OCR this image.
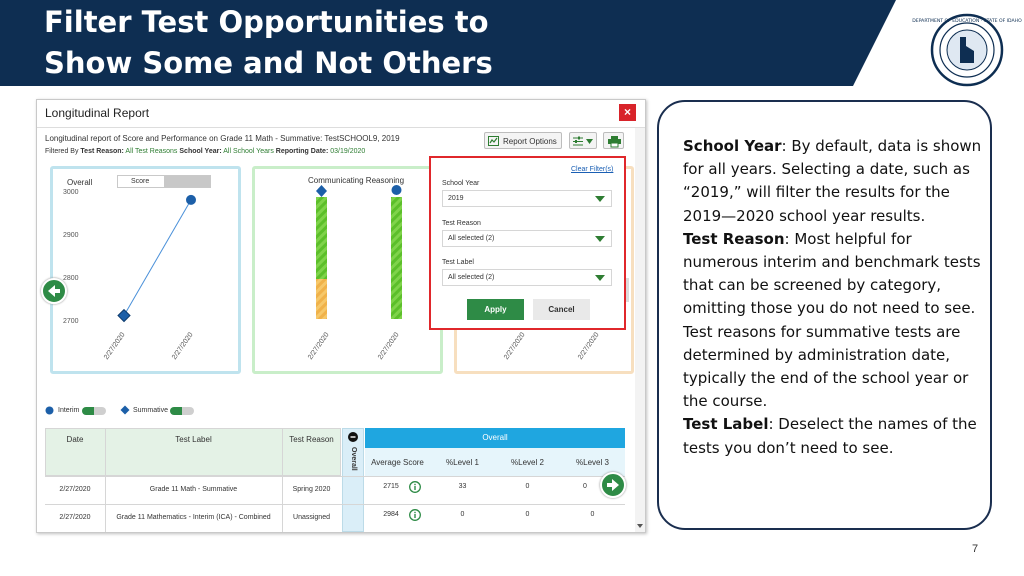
Filter Test Opportunities to
Show Some and Not Others
DEPARTMENT OF EDUCATION · STATE OF IDAHO
Longitudinal Report	×
Longitudinal report of Score and Performance on Grade 11 Math - Summative: TestSCHOOL9, 2019
Filtered By Test Reason: All Test Reasons School Year: All School Years Reporting Date: 03/19/2020
Report Options
Overall	Score
3000
2900
2800
2700
2/27/2020	2/27/2020
Communicating Reasoning
2/27/2020	2/27/2020	2/27/2020	2/27/2020
Clear Filter(s)
School Year
2019
Test Reason
All selected (2)
Test Label
All selected (2)
Apply	Cancel
Interim	Summative
Date	Test Label	Test Reason
Overall
Overall
Average Score	%Level 1	%Level 2	%Level 3
2/27/2020	Grade 11 Math - Summative	Spring 2020	2715	33	0	0
2/27/2020	Grade 11 Mathematics - Interim (ICA) - Combined	Unassigned	2984	0	0	0

School Year: By default, data is shown for all years. Selecting a date, such as “2019,” will filter the results for the 2019—2020 school year results.

Test Reason: Most helpful for numerous interim and benchmark tests that can be screened by category, omitting those you do not need to see. Test reasons for summative tests are determined by administration date, typically the end of the school year or the course.

Test Label: Deselect the names of the tests you don’t need to see.

7
